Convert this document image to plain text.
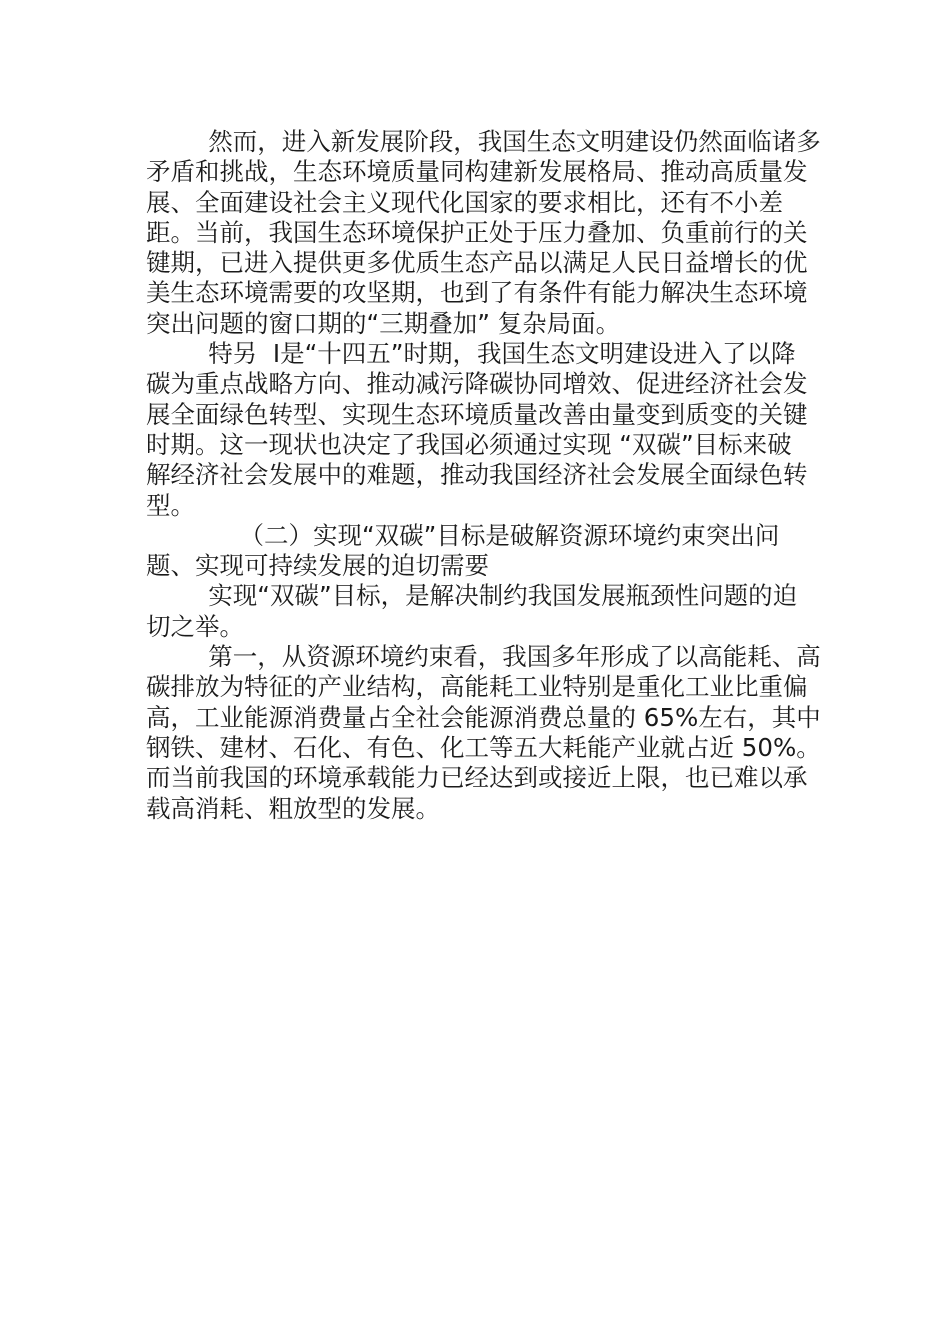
然而，进入新发展阶段，我国生态文明建设仍然面临诸多
矛盾和挑战，生态环境质量同构建新发展格局、推动高质量发
展、全面建设社会主义现代化国家的要求相比，还有不小差
距。当前，我国生态环境保护正处于压力叠加、负重前行的关
键期，已进入提供更多优质生态产品以满足人民日益增长的优
美生态环境需要的攻坚期，也到了有条件有能力解决生态环境
突出问题的窗口期的“三期叠加” 复杂局面。
特另  I是“十四五”时期，我国生态文明建设进入了以降
碳为重点战略方向、推动减污降碳协同增效、促进经济社会发
展全面绿色转型、实现生态环境质量改善由量变到质变的关键
时期。这一现状也决定了我国必须通过实现 “双碳”目标来破
解经济社会发展中的难题，推动我国经济社会发展全面绿色转
型。
（二）实现“双碳”目标是破解资源环境约束突出问
题、实现可持续发展的迫切需要
实现“双碳”目标，是解决制约我国发展瓶颈性问题的迫
切之举。
第一，从资源环境约束看，我国多年形成了以高能耗、高
碳排放为特征的产业结构，高能耗工业特别是重化工业比重偏
高，工业能源消费量占全社会能源消费总量的 65%左右，其中
钢铁、建材、石化、有色、化工等五大耗能产业就占近 50%。
而当前我国的环境承载能力已经达到或接近上限，也已难以承
载高消耗、粗放型的发展。
